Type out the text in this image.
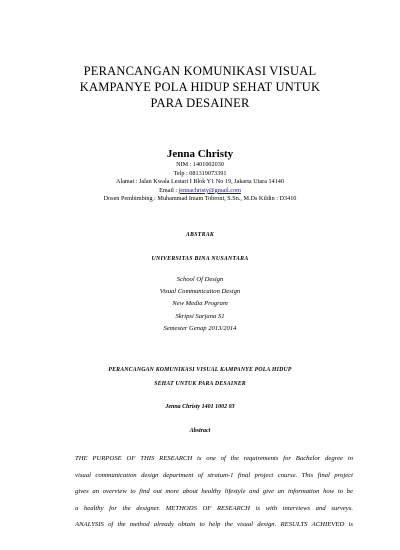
PERANCANGAN KOMUNIKASI VISUAL
KAMPANYE POLA HIDUP SEHAT UNTUK
PARA DESAINER
Jenna Christy
NIM : 1401002030
Telp : 081319073391
Alamat : Jalan Kwala Lestari I Blok Y1 No 19, Jakarta Utara 14140
Email : jennachristy@gmail.com
Dosen Pembimbing : Muhammad Imam Tobroni, S.Sn., M.Ds Kildin : D3410
ABSTRAK
UNIVERSITAS BINA NUSANTARA
School Of Design
Visual Communication Design
New Media Program
Skripsi Sarjana S1
Semester Genap 2013/2014
PERANCANGAN KOMUNIKASI VISUAL KAMPANYE POLA HIDUP
SEHAT UNTUK PARA DESAINER
Jenna Christy 1401 1002 03
Abstract
THE PURPOSE OF THIS RESEARCH is one of the requirements for Bachelor degree in
visual communication design department of stratum-1 final project course. This final project
gives an overview to find out more about healthy lifestyle and give an information how to be
a healthy for the designer. METHODS OF RESEARCH is with interviews and surveys.
ANALYSIS of the method already obtain to help the visual design. RESULTS ACHIEVED is
